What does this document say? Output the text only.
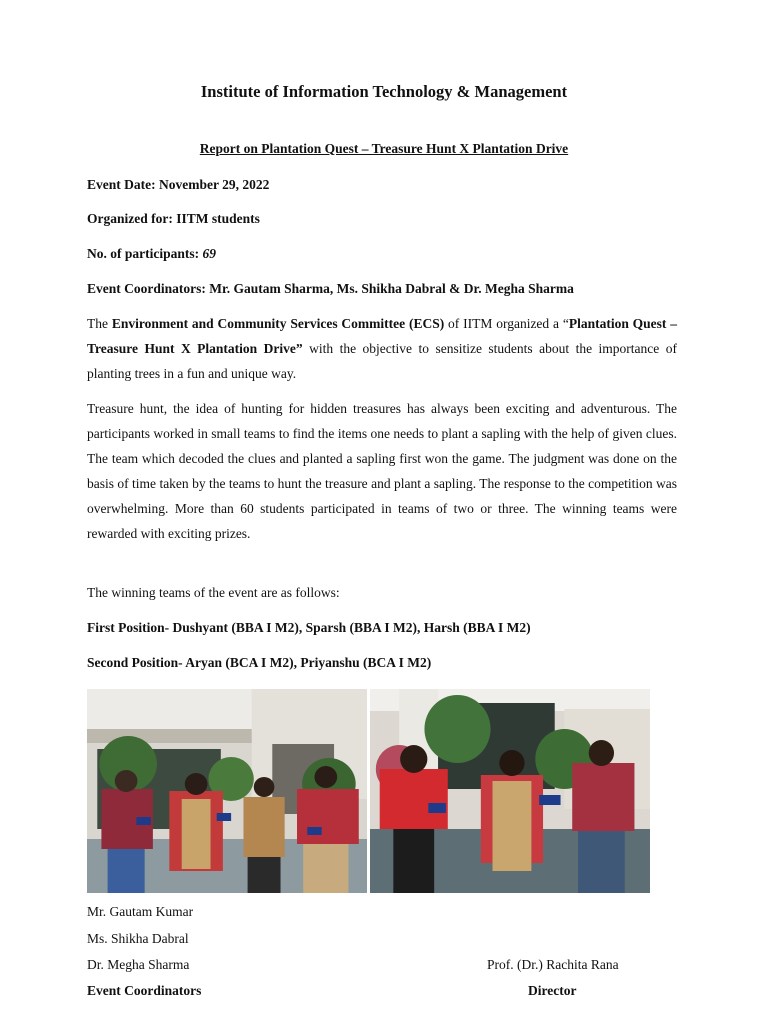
Institute of Information Technology & Management
Report on Plantation Quest – Treasure Hunt X Plantation Drive
Event Date: November 29, 2022
Organized for: IITM students
No. of participants: 69
Event Coordinators: Mr. Gautam Sharma, Ms. Shikha Dabral & Dr. Megha Sharma
The Environment and Community Services Committee (ECS) of IITM organized a “Plantation Quest – Treasure Hunt X Plantation Drive” with the objective to sensitize students about the importance of planting trees in a fun and unique way.
Treasure hunt, the idea of hunting for hidden treasures has always been exciting and adventurous. The participants worked in small teams to find the items one needs to plant a sapling with the help of given clues. The team which decoded the clues and planted a sapling first won the game. The judgment was done on the basis of time taken by the teams to hunt the treasure and plant a sapling. The response to the competition was overwhelming. More than 60 students participated in teams of two or three. The winning teams were rewarded with exciting prizes.
The winning teams of the event are as follows:
First Position- Dushyant (BBA I M2), Sparsh (BBA I M2), Harsh (BBA I M2)
Second Position- Aryan (BCA I M2), Priyanshu (BCA I M2)
Mr. Gautam Kumar
Ms. Shikha Dabral
Dr. Megha Sharma
Event Coordinators
Prof. (Dr.) Rachita Rana
Director
